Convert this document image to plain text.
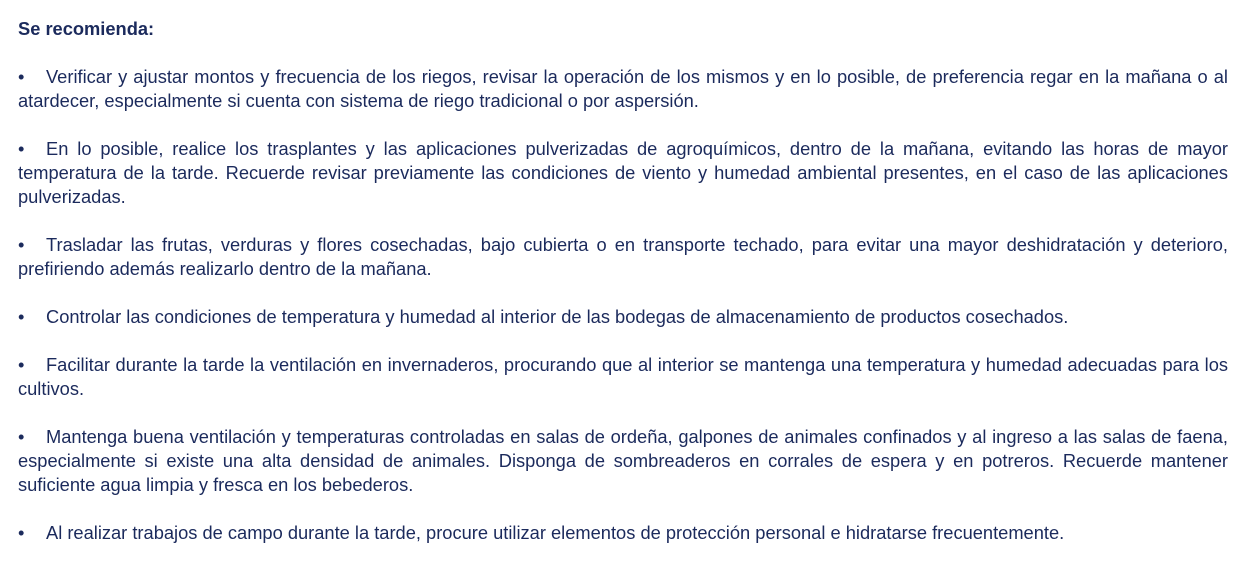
Se recomienda:
• Verificar y ajustar montos y frecuencia de los riegos, revisar la operación de los mismos y en lo posible, de preferencia regar en la mañana o al atardecer, especialmente si cuenta con sistema de riego tradicional o por aspersión.
• En lo posible, realice los trasplantes y las aplicaciones pulverizadas de agroquímicos, dentro de la mañana, evitando las horas de mayor temperatura de la tarde. Recuerde revisar previamente las condiciones de viento y humedad ambiental presentes, en el caso de las aplicaciones pulverizadas.
• Trasladar las frutas, verduras y flores cosechadas, bajo cubierta o en transporte techado, para evitar una mayor deshidratación y deterioro, prefiriendo además realizarlo dentro de la mañana.
• Controlar las condiciones de temperatura y humedad al interior de las bodegas de almacenamiento de productos cosechados.
• Facilitar durante la tarde la ventilación en invernaderos, procurando que al interior se mantenga una temperatura y humedad adecuadas para los cultivos.
• Mantenga buena ventilación y temperaturas controladas en salas de ordeña, galpones de animales confinados y al ingreso a las salas de faena, especialmente si existe una alta densidad de animales. Disponga de sombreaderos en corrales de espera y en potreros. Recuerde mantener suficiente agua limpia y fresca en los bebederos.
• Al realizar trabajos de campo durante la tarde, procure utilizar elementos de protección personal e hidratarse frecuentemente.
